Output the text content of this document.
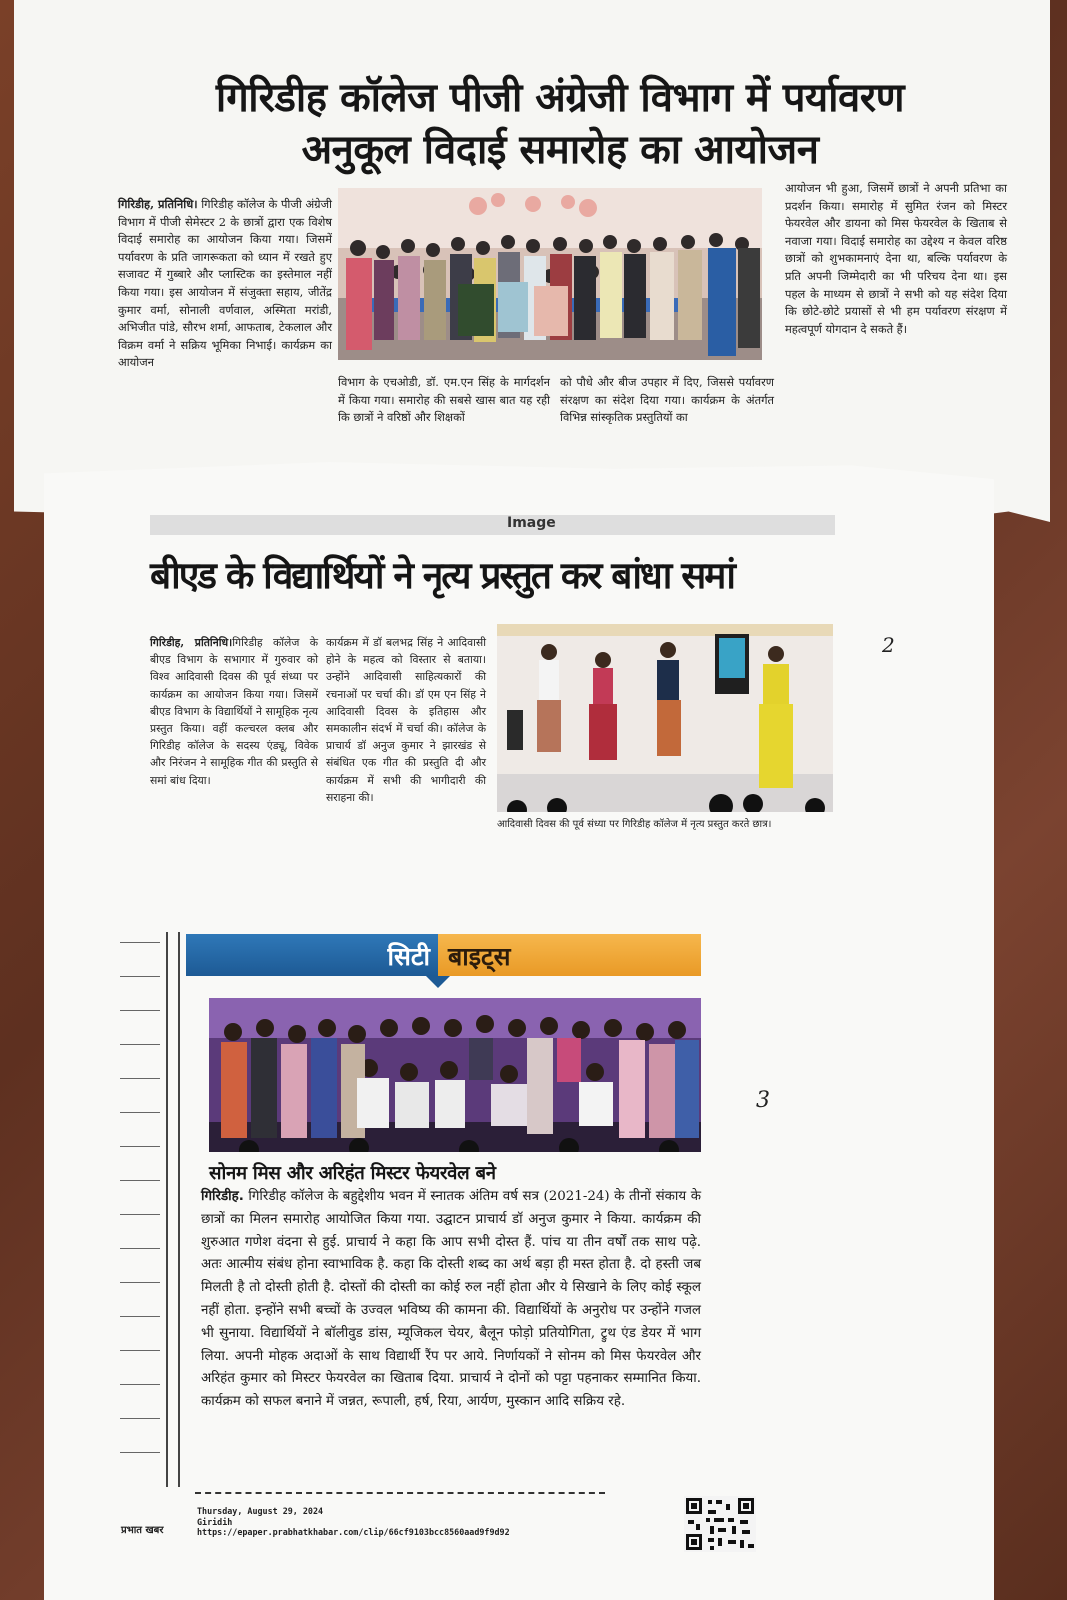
गिरिडीह कॉलेज पीजी अंग्रेजी विभाग में पर्यावरण
अनुकूल विदाई समारोह का आयोजन
गिरिडीह, प्रतिनिधि। गिरिडीह कॉलेज के पीजी अंग्रेजी विभाग में पीजी सेमेस्टर 2 के छात्रों द्वारा एक विशेष विदाई समारोह का आयोजन किया गया। जिसमें पर्यावरण के प्रति जागरूकता को ध्यान में रखते हुए सजावट में गुब्बारे और प्लास्टिक का इस्तेमाल नहीं किया गया। इस आयोजन में संजुक्ता सहाय, जीतेंद्र कुमार वर्मा, सोनाली वर्णवाल, अस्मिता मरांडी, अभिजीत पांडे, सौरभ शर्मा, आफताब, टेकलाल और विक्रम वर्मा ने सक्रिय भूमिका निभाई। कार्यक्रम का आयोजन
विभाग के एचओडी, डॉ. एम.एन सिंह के मार्गदर्शन में किया गया। समारोह की सबसे खास बात यह रही कि छात्रों ने वरिष्ठों और शिक्षकों
को पौधे और बीज उपहार में दिए, जिससे पर्यावरण संरक्षण का संदेश दिया गया। कार्यक्रम के अंतर्गत विभिन्न सांस्कृतिक प्रस्तुतियों का
आयोजन भी हुआ, जिसमें छात्रों ने अपनी प्रतिभा का प्रदर्शन किया। समारोह में सुमित रंजन को मिस्टर फेयरवेल और डायना को मिस फेयरवेल के खिताब से नवाजा गया। विदाई समारोह का उद्देश्य न केवल वरिष्ठ छात्रों को शुभकामनाएं देना था, बल्कि पर्यावरण के प्रति अपनी जिम्मेदारी का भी परिचय देना था। इस पहल के माध्यम से छात्रों ने सभी को यह संदेश दिया कि छोटे-छोटे प्रयासों से भी हम पर्यावरण संरक्षण में महत्वपूर्ण योगदान दे सकते हैं।
Image
बीएड के विद्यार्थियों ने नृत्य प्रस्तुत कर बांधा समां
गिरिडीह, प्रतिनिधि।गिरिडीह कॉलेज के बीएड विभाग के सभागार में गुरुवार को विश्व आदिवासी दिवस की पूर्व संध्या पर कार्यक्रम का आयोजन किया गया। जिसमें बीएड विभाग के विद्यार्थियों ने सामूहिक नृत्य प्रस्तुत किया। वहीं कल्चरल क्लब और गिरिडीह कॉलेज के सदस्य एंड्यू, विवेक और निरंजन ने सामूहिक गीत की प्रस्तुति से समां बांध दिया।
कार्यक्रम में डॉ बलभद्र सिंह ने आदिवासी होने के महत्व को विस्तार से बताया। उन्होंने आदिवासी साहित्यकारों की रचनाओं पर चर्चा की। डॉ एम एन सिंह ने आदिवासी दिवस के इतिहास और समकालीन संदर्भ में चर्चा की। कॉलेज के प्राचार्य डॉ अनुज कुमार ने झारखंड से संबंधित एक गीत की प्रस्तुति दी और कार्यक्रम में सभी की भागीदारी की सराहना की।
आदिवासी दिवस की पूर्व संध्या पर गिरिडीह कॉलेज में नृत्य प्रस्तुत करते छात्र।
2
सिटी बाइट्स
सोनम मिस और अरिहंत मिस्टर फेयरवेल बने
गिरिडीह. गिरिडीह कॉलेज के बहुद्देशीय भवन में स्नातक अंतिम वर्ष सत्र (2021-24) के तीनों संकाय के छात्रों का मिलन समारोह आयोजित किया गया. उद्घाटन प्राचार्य डॉ अनुज कुमार ने किया. कार्यक्रम की शुरुआत गणेश वंदना से हुई. प्राचार्य ने कहा कि आप सभी दोस्त हैं. पांच या तीन वर्षों तक साथ पढ़े. अतः आत्मीय संबंध होना स्वाभाविक है. कहा कि दोस्ती शब्द का अर्थ बड़ा ही मस्त होता है. दो हस्ती जब मिलती है तो दोस्ती होती है. दोस्तों की दोस्ती का कोई रुल नहीं होता और ये सिखाने के लिए कोई स्कूल नहीं होता. इन्होंने सभी बच्चों के उज्वल भविष्य की कामना की. विद्यार्थियों के अनुरोध पर उन्होंने गजल भी सुनाया. विद्यार्थियों ने बॉलीवुड डांस, म्यूजिकल चेयर, बैलून फोड़ो प्रतियोगिता, ट्रुथ एंड डेयर में भाग लिया. अपनी मोहक अदाओं के साथ विद्यार्थी रैंप पर आये. निर्णायकों ने सोनम को मिस फेयरवेल और अरिहंत कुमार को मिस्टर फेयरवेल का खिताब दिया. प्राचार्य ने दोनों को पट्टा पहनाकर सम्मानित किया. कार्यक्रम को सफल बनाने में जन्नत, रूपाली, हर्ष, रिया, आर्यण, मुस्कान आदि सक्रिय रहे.
3
प्रभात खबर
Thursday, August 29, 2024
Giridih
https://epaper.prabhatkhabar.com/clip/66cf9103bcc8560aad9f9d92
